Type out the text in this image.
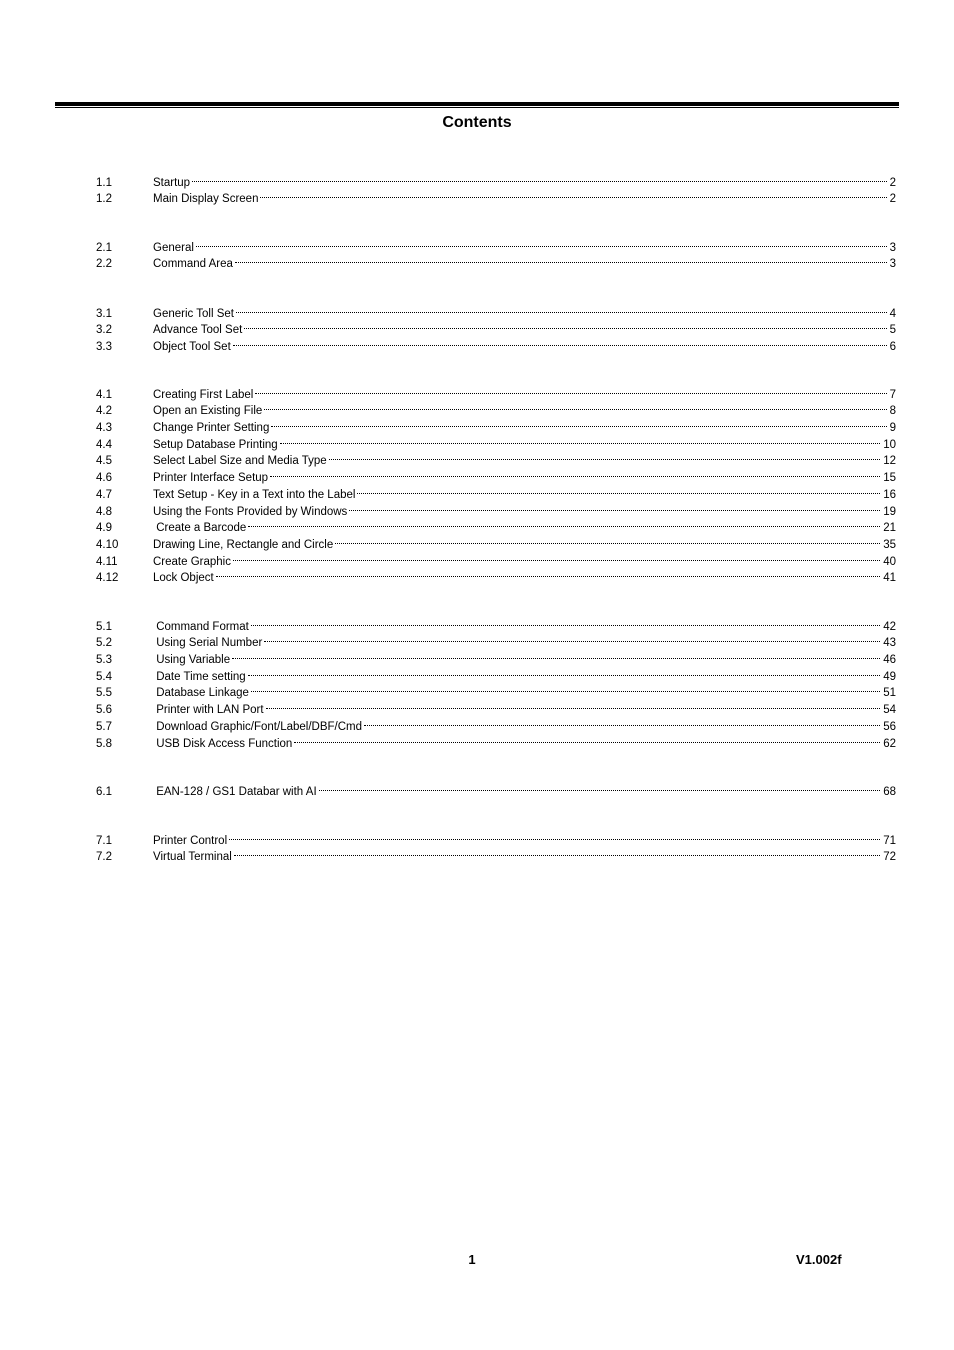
Contents
1.1	Startup	2
1.2	Main Display Screen	2
2.1	General	3
2.2	Command Area	3
3.1	Generic Toll Set	4
3.2	Advance Tool Set	5
3.3	Object Tool Set	6
4.1	Creating First Label	7
4.2	Open an Existing File	8
4.3	Change Printer Setting	9
4.4	Setup Database Printing	10
4.5	Select Label Size and Media Type	12
4.6	Printer Interface Setup	15
4.7	Text Setup - Key in a Text into the Label	16
4.8	Using the Fonts Provided by Windows	19
4.9	Create a Barcode	21
4.10	Drawing Line, Rectangle and Circle	35
4.11	Create Graphic	40
4.12	Lock Object	41
5.1	Command Format	42
5.2	Using Serial Number	43
5.3	Using Variable	46
5.4	Date Time setting	49
5.5	Database Linkage	51
5.6	Printer with LAN Port	54
5.7	Download Graphic/Font/Label/DBF/Cmd	56
5.8	USB Disk Access Function	62
6.1	EAN-128 / GS1 Databar with AI	68
7.1	Printer Control	71
7.2	Virtual Terminal	72
1	V1.002f
